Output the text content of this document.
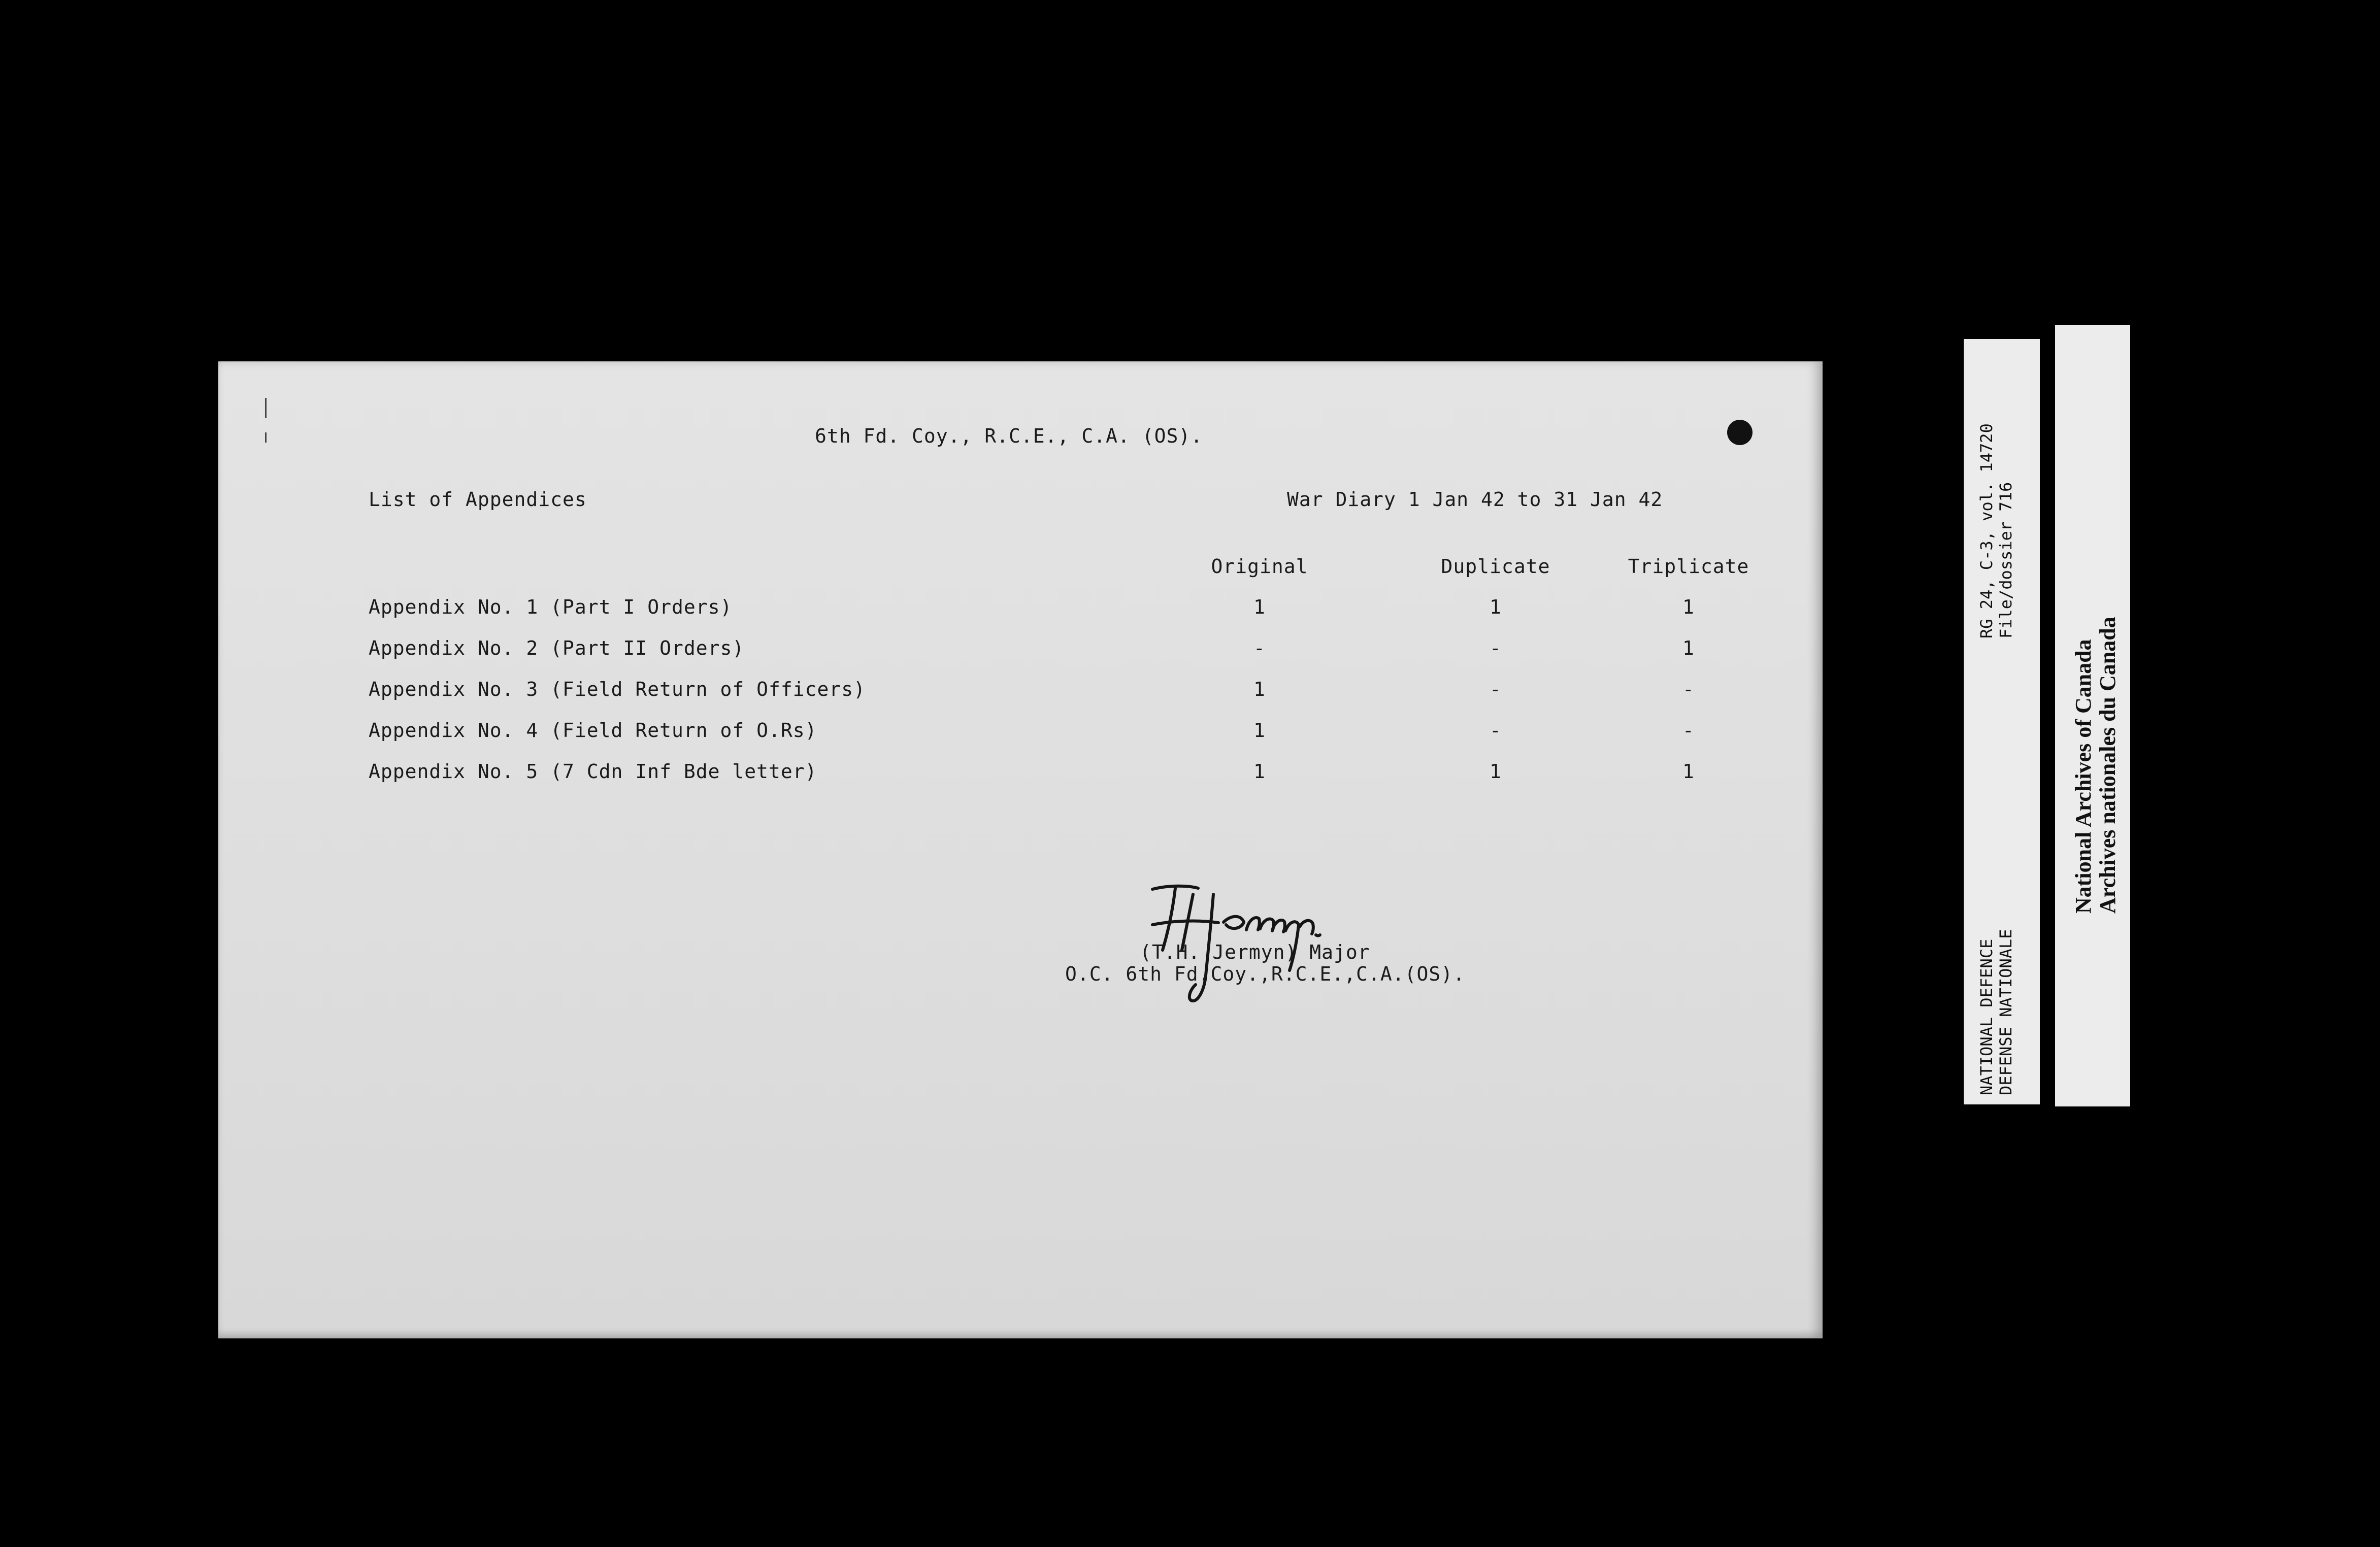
6th Fd. Coy., R.C.E., C.A. (OS).
List of Appendices	War Diary 1 Jan 42 to 31 Jan 42
	Original	Duplicate	Triplicate
Appendix No. 1 (Part I Orders)	1	1	1
Appendix No. 2 (Part II Orders)	-	-	1
Appendix No. 3 (Field Return of Officers)	1	-	-
Appendix No. 4 (Field Return of O.Rs)	1	-	-
Appendix No. 5 (7 Cdn Inf Bde letter)	1	1	1
(T.H. Jermyn) Major
O.C. 6th Fd.Coy.,R.C.E.,C.A.(OS).
RG 24, C-3, vol. 14720 File/dossier 716
NATIONAL DEFENCE DEFENSE NATIONALE
National Archives of Canada Archives nationales du Canada
